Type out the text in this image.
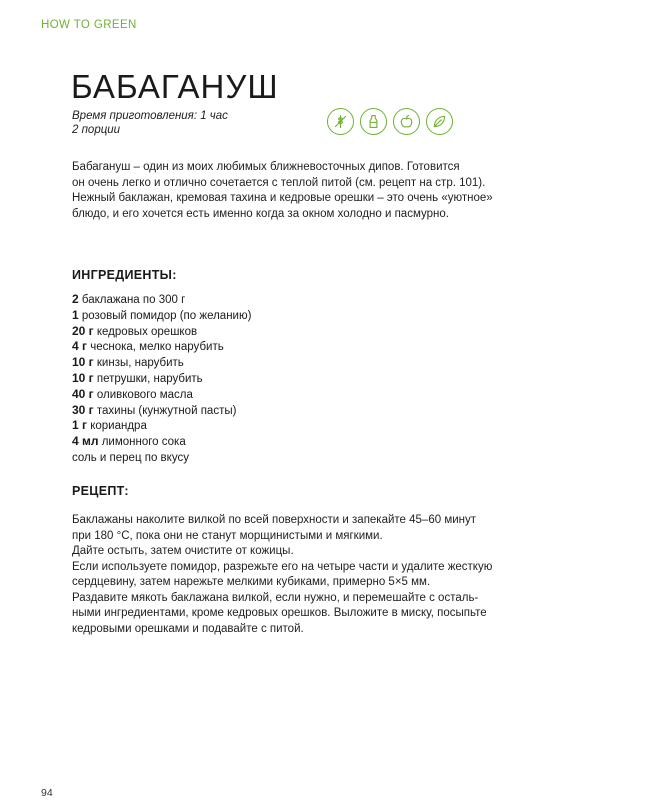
HOW TO GREEN
БАБАГАНУШ
Время приготовления: 1 час
2 порции
Бабагануш – один из моих любимых ближневосточных дипов. Готовится
он очень легко и отлично сочетается с теплой питой (см. рецепт на стр. 101).
Нежный баклажан, кремовая тахина и кедровые орешки – это очень «уютное»
блюдо, и его хочется есть именно когда за окном холодно и пасмурно.
ИНГРЕДИЕНТЫ:
2 баклажана по 300 г
1 розовый помидор (по желанию)
20 г кедровых орешков
4 г чеснока, мелко нарубить
10 г кинзы, нарубить
10 г петрушки, нарубить
40 г оливкового масла
30 г тахины (кунжутной пасты)
1 г кориандра
4 мл лимонного сока
соль и перец по вкусу
РЕЦЕПТ:

Баклажаны наколите вилкой по всей поверхности и запекайте 45–60 минут

при 180 °С, пока они не станут морщинистыми и мягкими.

Дайте остыть, затем очистите от кожицы.

Если используете помидор, разрежьте его на четыре части и удалите жесткую

сердцевину, затем нарежьте мелкими кубиками, примерно 5×5 мм.

Раздавите мякоть баклажана вилкой, если нужно, и перемешайте с осталь-

ными ингредиентами, кроме кедровых орешков. Выложите в миску, посыпьте

кедровыми орешками и подавайте с питой.

94
